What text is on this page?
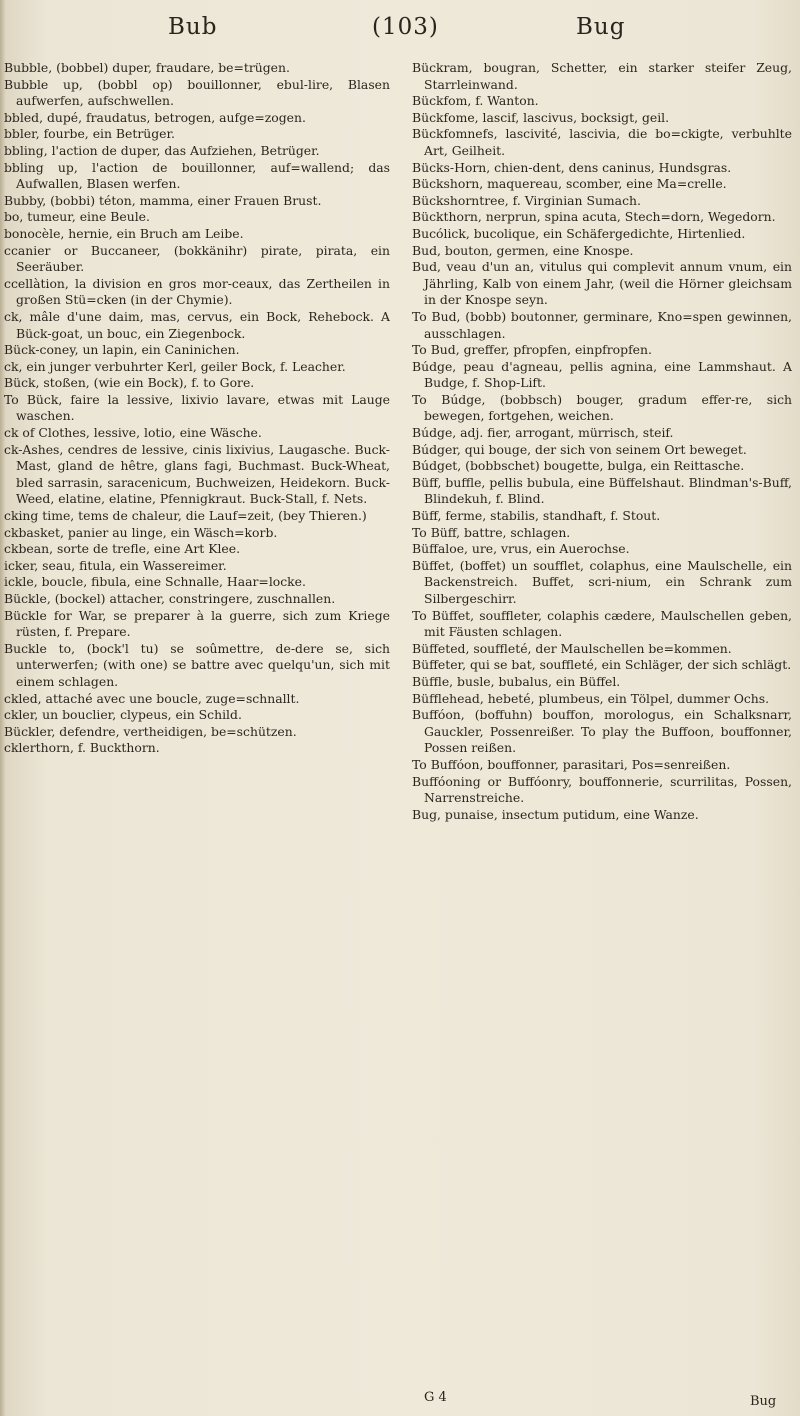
Bub	(103)	Bug

Bubble, (bobbel) duper, fraudare, be=trügen.

Bubble up, (bobbl op) bouillonner, ebul-lire, Blasen aufwerfen, aufschwellen.

bbled, dupé, fraudatus, betrogen, aufge=zogen.

bbler, fourbe, ein Betrüger.

bbling, l'action de duper, das Aufziehen, Betrüger.

bbling up, l'action de bouillonner, auf=wallend; das Aufwallen, Blasen werfen.

Bubby, (bobbi) téton, mamma, einer Frauen Brust.

bo, tumeur, eine Beule.

bonocèle, hernie, ein Bruch am Leibe.

ccanier or Buccaneer, (bokkänihr) pirate, pirata, ein Seeräuber.

ccellàtion, la division en gros mor-ceaux, das Zertheilen in großen Stü=cken (in der Chymie).

ck, mâle d'une daim, mas, cervus, ein Bock, Rehebock. A Bück-goat, un bouc, ein Ziegenbock.

Bück-coney, un lapin, ein Caninichen.

ck, ein junger verbuhrter Kerl, geiler Bock, f. Leacher.

Bück, stoßen, (wie ein Bock), f. to Gore.

To Bück, faire la lessive, lixivio lavare, etwas mit Lauge waschen.

ck of Clothes, lessive, lotio, eine Wäsche.

ck-Ashes, cendres de lessive, cinis lixivius, Laugasche. Buck-Mast, gland de hêtre, glans fagi, Buchmast. Buck-Wheat, bled sarrasin, saracenicum, Buchweizen, Heidekorn. Buck-Weed, elatine, elatine, Pfennigkraut. Buck-Stall, f. Nets.

cking time, tems de chaleur, die Lauf=zeit, (bey Thieren.)

ckbasket, panier au linge, ein Wäsch=korb.

ckbean, sorte de trefle, eine Art Klee.

icker, seau, fitula, ein Wassereimer.

ickle, boucle, fibula, eine Schnalle, Haar=locke.

Bückle, (bockel) attacher, constringere, zuschnallen.

Bückle for War, se preparer à la guerre, sich zum Kriege rüsten, f. Prepare.

Buckle to, (bock'l tu) se soûmettre, de-dere se, sich unterwerfen; (with one) se battre avec quelqu'un, sich mit einem schlagen.

ckled, attaché avec une boucle, zuge=schnallt.

ckler, un bouclier, clypeus, ein Schild.

Bückler, defendre, vertheidigen, be=schützen.

cklerthorn, f. Buckthorn.

Bückram, bougran, Schetter, ein starker steifer Zeug, Starrleinwand.

Bückfom, f. Wanton.

Bückfome, lascif, lascivus, bocksigt, geil.

Bückfomnefs, lascivité, lascivia, die bo=ckigte, verbuhlte Art, Geilheit.

Bücks-Horn, chien-dent, dens caninus, Hundsgras.

Bückshorn, maquereau, scomber, eine Ma=crelle.

Bückshorntree, f. Virginian Sumach.

Bückthorn, nerprun, spina acuta, Stech=dorn, Wegedorn.

Bucólick, bucolique, ein Schäfergedichte, Hirtenlied.

Bud, bouton, germen, eine Knospe.

Bud, veau d'un an, vitulus qui complevit annum vnum, ein Jährling, Kalb von einem Jahr, (weil die Hörner gleichsam in der Knospe seyn.

To Bud, (bobb) boutonner, germinare, Kno=spen gewinnen, ausschlagen.

To Bud, greffer, pfropfen, einpfropfen.

Búdge, peau d'agneau, pellis agnina, eine Lammshaut. A Budge, f. Shop-Lift.

To Búdge, (bobbsch) bouger, gradum effer-re, sich bewegen, fortgehen, weichen.

Búdge, adj. fier, arrogant, mürrisch, steif.

Búdger, qui bouge, der sich von seinem Ort beweget.

Búdget, (bobbschet) bougette, bulga, ein Reittasche.

Büff, buffle, pellis bubula, eine Büffelshaut. Blindman's-Buff, Blindekuh, f. Blind.

Büff, ferme, stabilis, standhaft, f. Stout.

To Büff, battre, schlagen.

Büffaloe, ure, vrus, ein Auerochse.

Büffet, (boffet) un soufflet, colaphus, eine Maulschelle, ein Backenstreich. Buffet, scri-nium, ein Schrank zum Silbergeschirr.

To Büffet, souffleter, colaphis cædere, Maulschellen geben, mit Fäusten schlagen.

Büffeted, souffleté, der Maulschellen be=kommen.

Büffeter, qui se bat, souffleté, ein Schläger, der sich schlägt.

Büffle, busle, bubalus, ein Büffel.

Büfflehead, hebeté, plumbeus, ein Tölpel, dummer Ochs.

Buffóon, (boffuhn) bouffon, morologus, ein Schalksnarr, Gauckler, Possenreißer. To play the Buffoon, bouffonner, Possen reißen.

To Buffóon, bouffonner, parasitari, Pos=senreißen.

Buffóoning or Buffóonry, bouffonnerie, scurrilitas, Possen, Narrenstreiche.

Bug, punaise, insectum putidum, eine Wanze.

G 4	Bug
